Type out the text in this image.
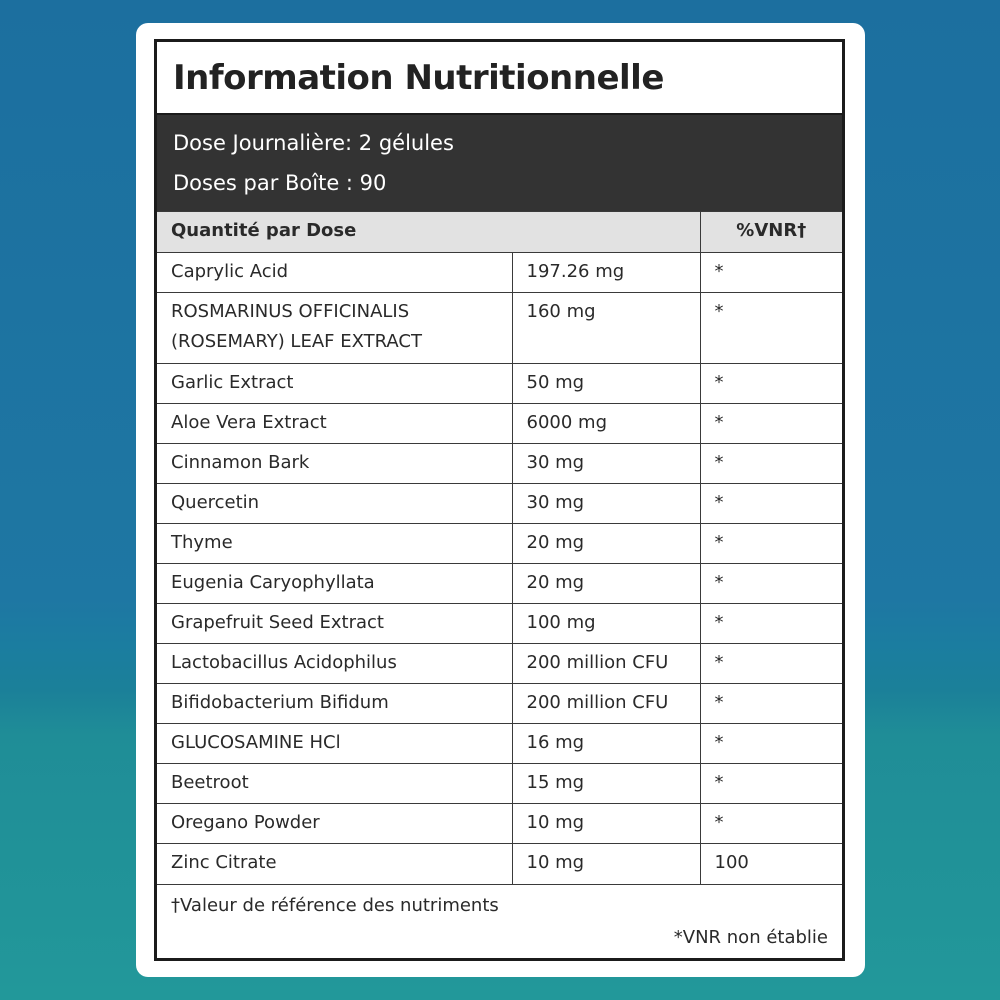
Information Nutritionnelle
Dose Journalière: 2 gélules
Doses par Boîte : 90
Quantité par Dose		%VNR†
Caprylic Acid	197.26 mg	*
ROSMARINUS OFFICINALIS (ROSEMARY) LEAF EXTRACT	160 mg	*
Garlic Extract	50 mg	*
Aloe Vera Extract	6000 mg	*
Cinnamon Bark	30 mg	*
Quercetin	30 mg	*
Thyme	20 mg	*
Eugenia Caryophyllata	20 mg	*
Grapefruit Seed Extract	100 mg	*
Lactobacillus Acidophilus	200 million CFU	*
Bifidobacterium Bifidum	200 million CFU	*
GLUCOSAMINE HCl	16 mg	*
Beetroot	15 mg	*
Oregano Powder	10 mg	*
Zinc Citrate	10 mg	100
†Valeur de référence des nutriments
*VNR non établie
